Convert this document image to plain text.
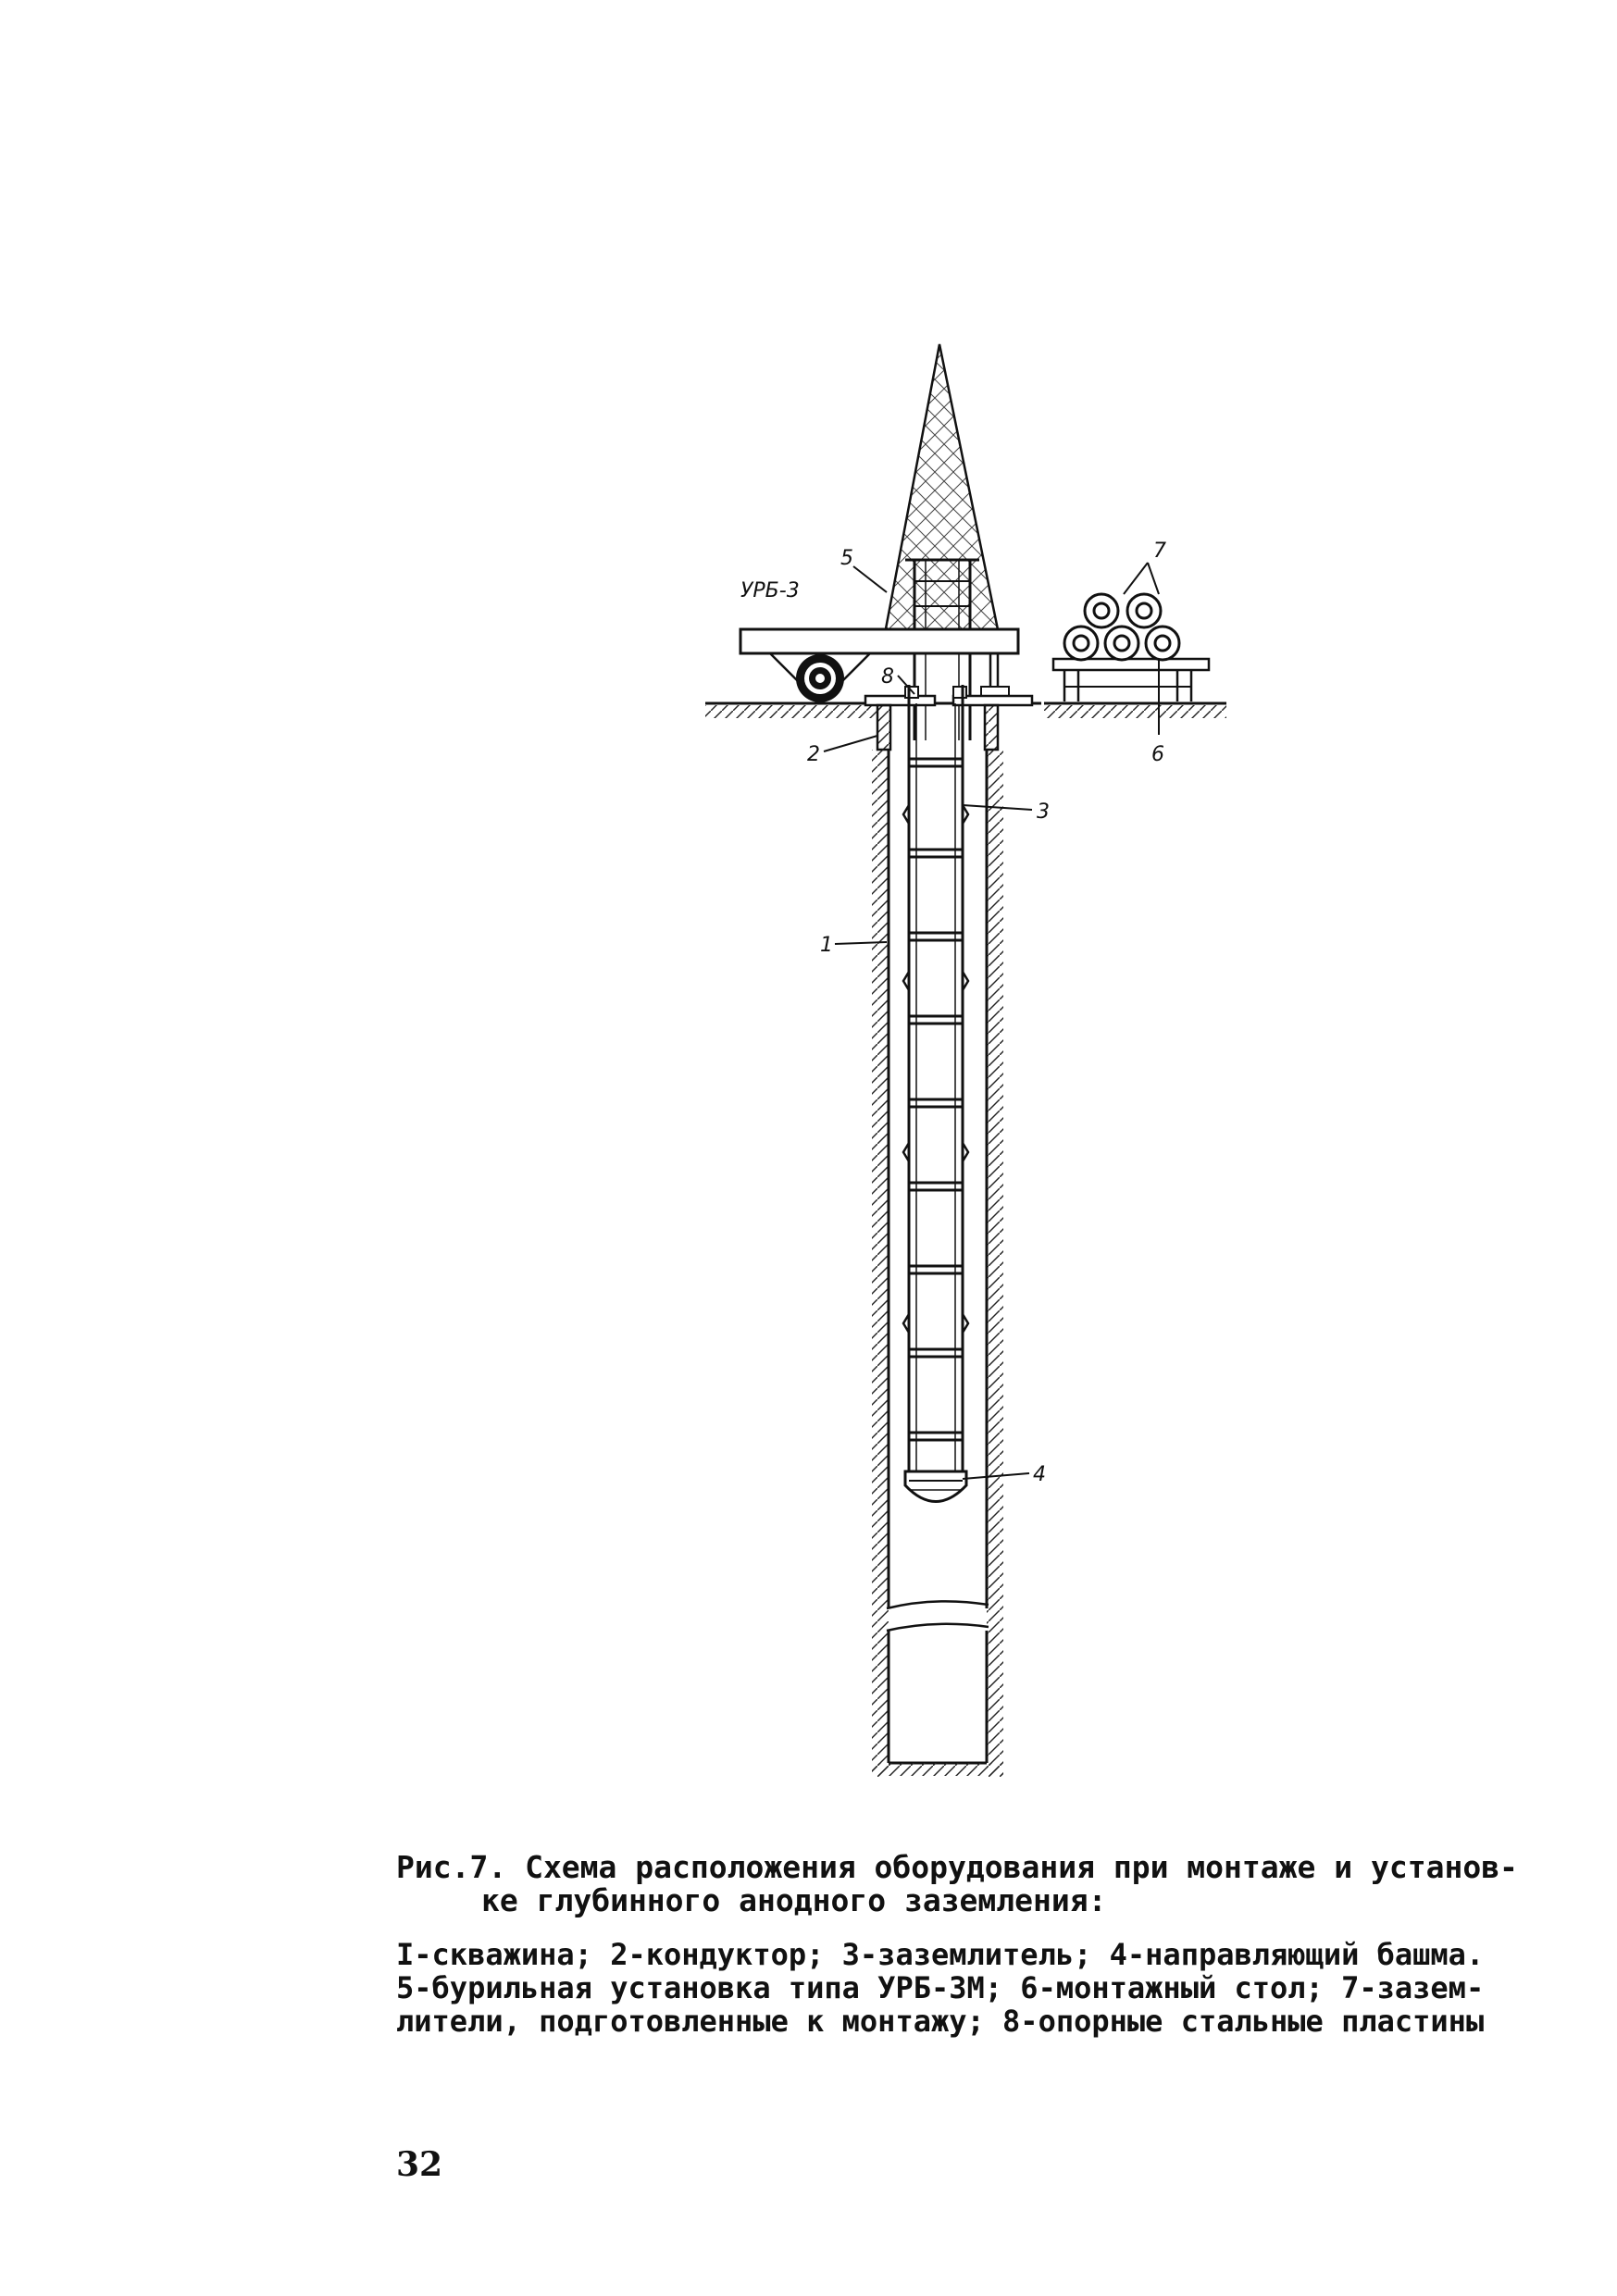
5	7
УРБ-3
8
2	6
3
1
4

Рис.7. Схема расположения оборудования при монтаже и установ-

ке глубинного анодного заземления:

I-скважина; 2-кондуктор; 3-заземлитель; 4-направляющий башма.
5-бурильная установка типа УРБ-3М; 6-монтажный стол; 7-зазем-
лители, подготовленные к монтажу; 8-опорные стальные пластины

32
